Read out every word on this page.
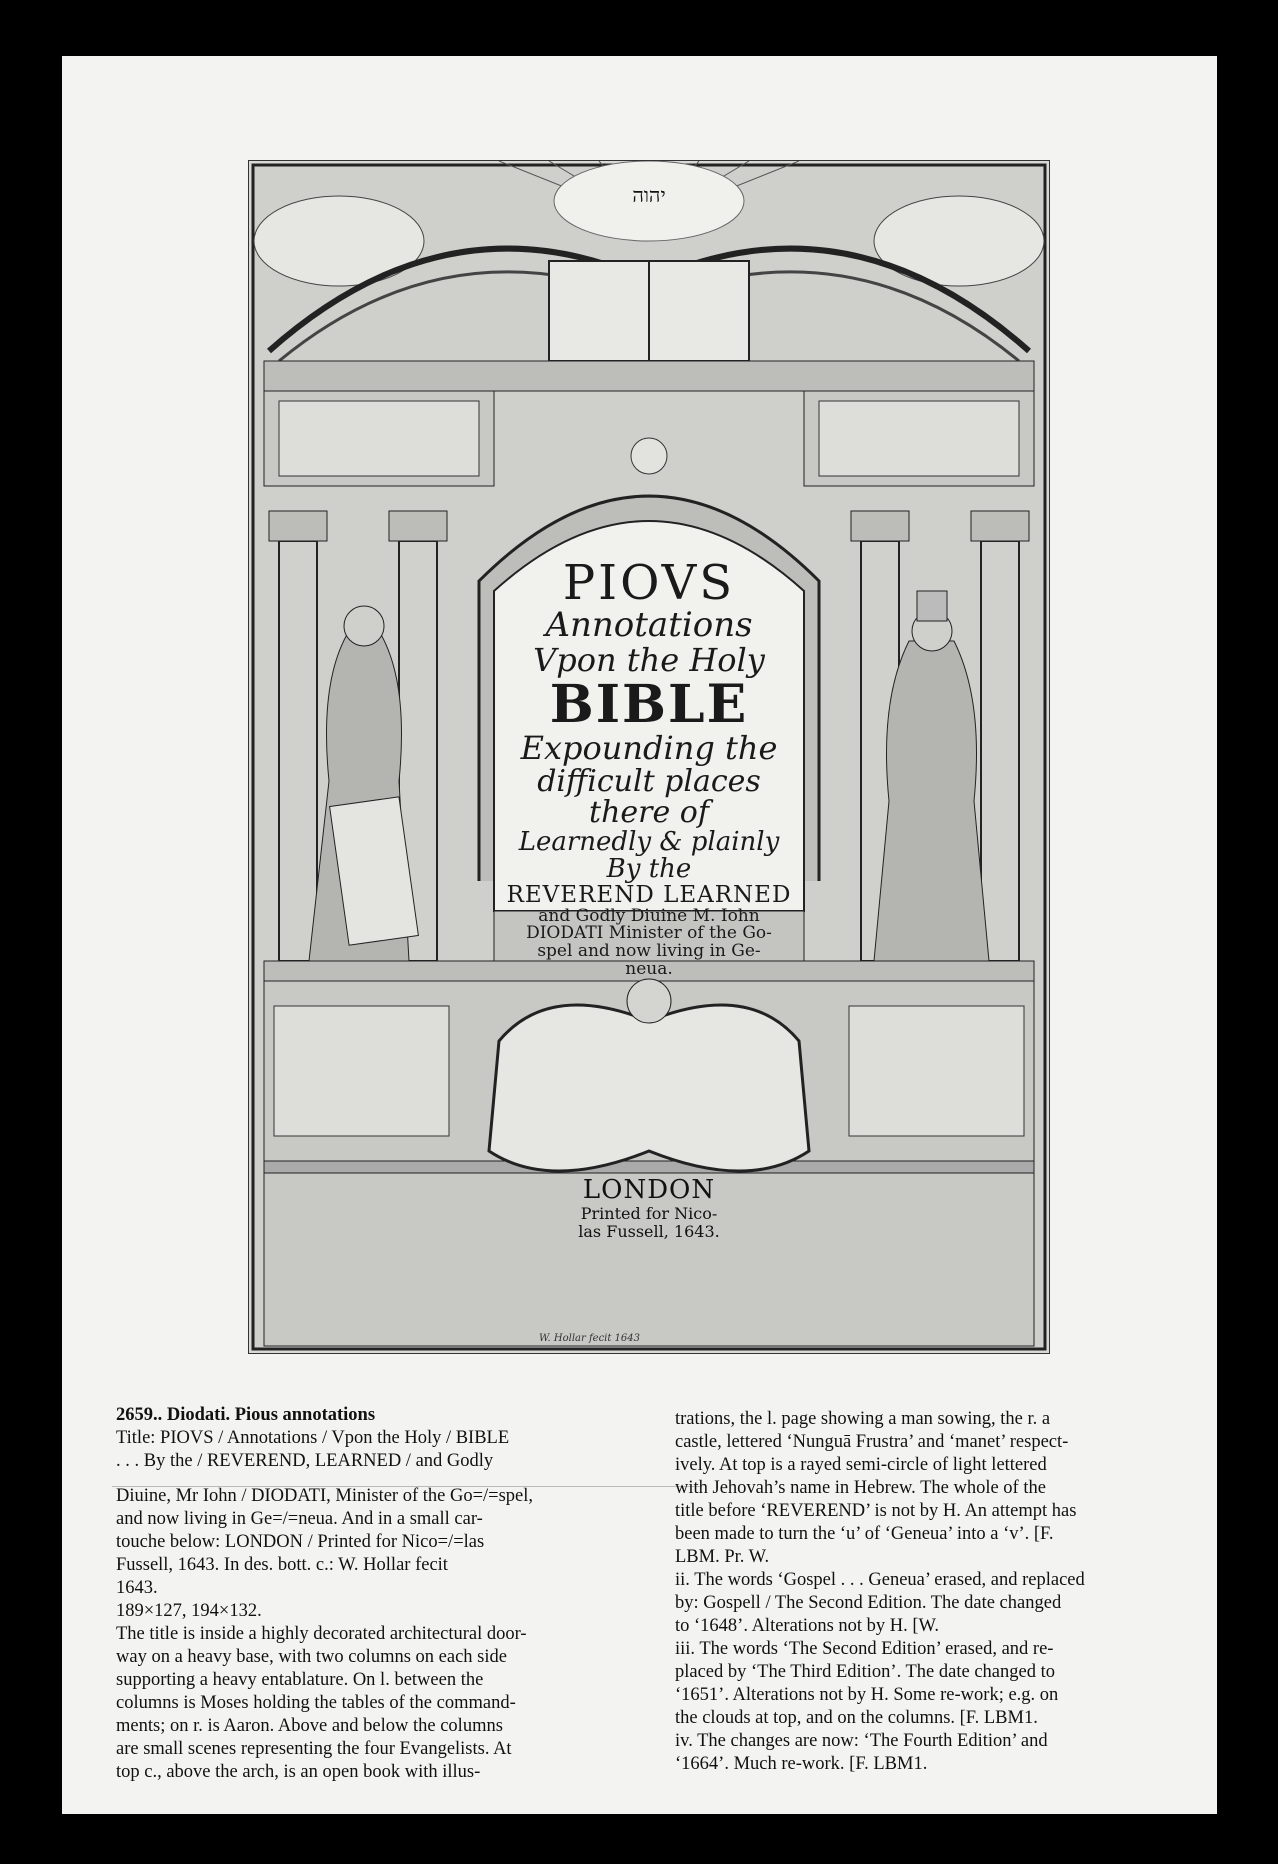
יהוה
PIOVS
Annotations
Vpon the Holy
BIBLE
Expounding the
difficult places
there of
Learnedly & plainly
By the
REVEREND LEARNED
and Godly Diuine M. Iohn
DIODATI Minister of the Go-
spel and now living in Ge-
neua.
LONDON
Printed for Nico-
las Fussell, 1643.
W. Hollar fecit 1643

2659.. Diodati. Pious annotations

Title: PIOVS / Annotations / Vpon the Holy / BIBLE

. . . By the / REVEREND, LEARNED / and Godly

Diuine, Mr Iohn / DIODATI, Minister of the Go=/=spel,

and now living in Ge=/=neua. And in a small car-

touche below: LONDON / Printed for Nico=/=las

Fussell, 1643. In des. bott. c.: W. Hollar fecit

1643.

189×127, 194×132.

The title is inside a highly decorated architectural door-

way on a heavy base, with two columns on each side

supporting a heavy entablature. On l. between the

columns is Moses holding the tables of the command-

ments; on r. is Aaron. Above and below the columns

are small scenes representing the four Evangelists. At

top c., above the arch, is an open book with illus-

trations, the l. page showing a man sowing, the r. a

castle, lettered ‘Nunguā Frustra’ and ‘manet’ respect-

ively. At top is a rayed semi-circle of light lettered

with Jehovah’s name in Hebrew. The whole of the

title before ‘REVEREND’ is not by H. An attempt has

been made to turn the ‘u’ of ‘Geneua’ into a ‘v’. [F.

LBM. Pr. W.

ii. The words ‘Gospel . . . Geneua’ erased, and replaced

by: Gospell / The Second Edition. The date changed

to ‘1648’. Alterations not by H. [W.

iii. The words ‘The Second Edition’ erased, and re-

placed by ‘The Third Edition’. The date changed to

‘1651’. Alterations not by H. Some re-work; e.g. on

the clouds at top, and on the columns. [F. LBM1.

iv. The changes are now: ‘The Fourth Edition’ and

‘1664’. Much re-work. [F. LBM1.
